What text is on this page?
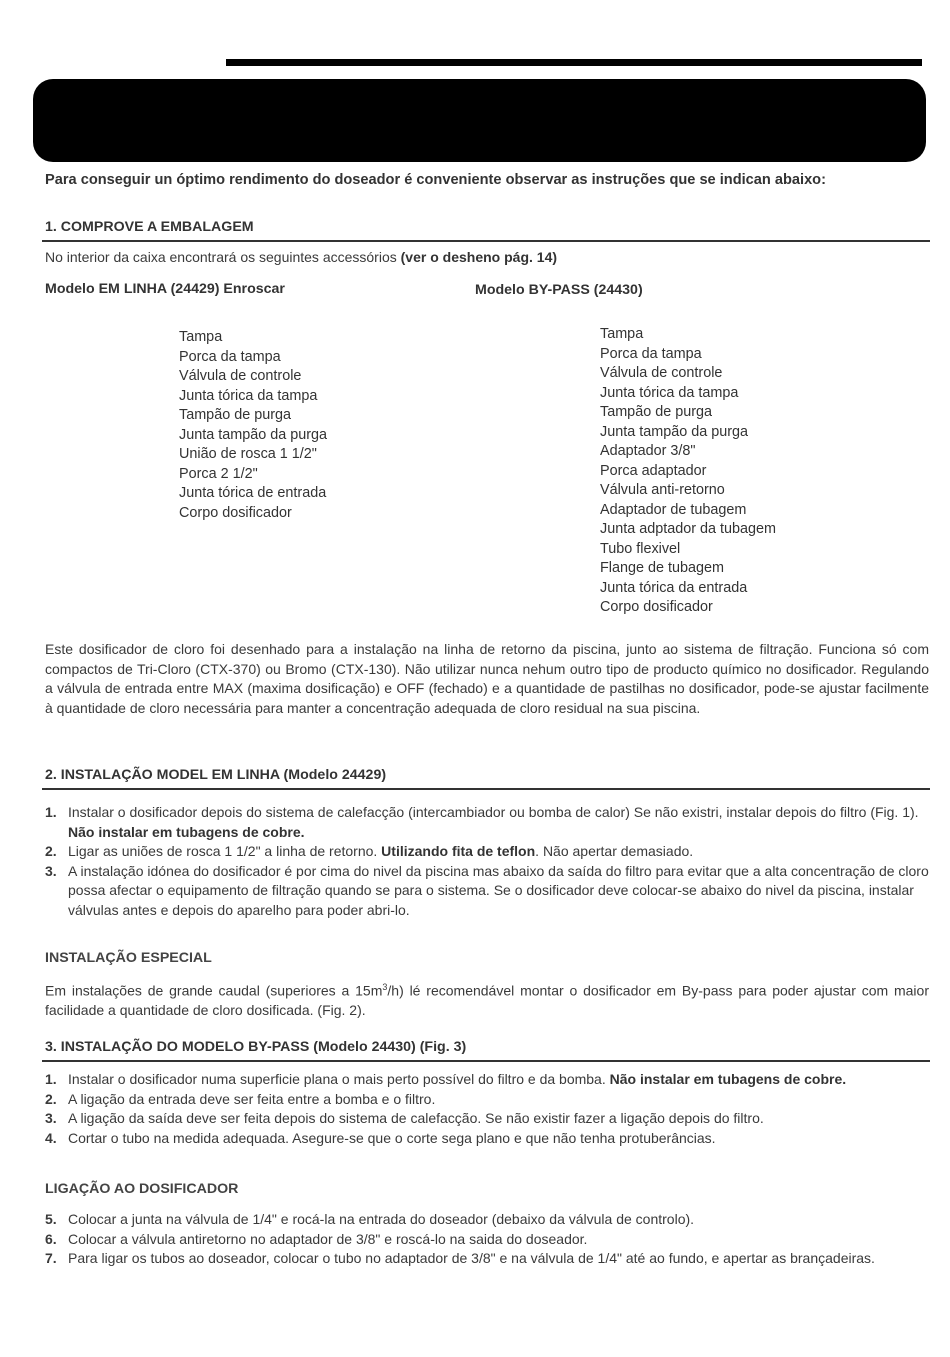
Para conseguir un óptimo rendimento do doseador é conveniente observar as instruções que se indican abaixo:
1. COMPROVE A EMBALAGEM
No interior da caixa encontrará os seguintes accessórios (ver o desheno pág. 14)
Modelo EM LINHA (24429) Enroscar	Modelo BY-PASS (24430)
Tampa
Porca da tampa
Válvula de controle
Junta tórica da tampa
Tampão de purga
Junta tampão da purga
União de rosca 1 1/2"
Porca 2 1/2"
Junta tórica de entrada
Corpo dosificador
Tampa
Porca da tampa
Válvula de controle
Junta tórica da tampa
Tampão de purga
Junta tampão da purga
Adaptador 3/8"
Porca adaptador
Válvula anti-retorno
Adaptador de tubagem
Junta adptador da tubagem
Tubo flexivel
Flange de tubagem
Junta tórica da entrada
Corpo dosificador
Este dosificador de cloro foi desenhado para a instalação na linha de retorno da piscina, junto ao sistema de filtração. Funciona só com compactos de Tri-Cloro (CTX-370) ou Bromo (CTX-130). Não utilizar nunca nehum outro tipo de producto químico no dosificador. Regulando a válvula de entrada entre MAX (maxima dosificação) e OFF (fechado) e a quantidade de pastilhas no dosificador, pode-se ajustar facilmente à quantidade de cloro necessária para manter a concentração adequada de cloro residual na sua piscina.
2. INSTALAÇÃO MODEL EM LINHA (Modelo 24429)
1. Instalar o dosificador depois do sistema de calefacção (intercambiador ou bomba de calor) Se não existri, instalar depois do filtro (Fig. 1). Não instalar em tubagens de cobre.
2. Ligar as uniões de rosca 1 1/2" a linha de retorno. Utilizando fita de teflon. Não apertar demasiado.
3. A instalação idónea do dosificador é por cima do nivel da piscina mas abaixo da saída do filtro para evitar que a alta concentração de cloro possa afectar o equipamento de filtração quando se para o sistema. Se o dosificador deve colocar-se abaixo do nivel da piscina, instalar válvulas antes e depois do aparelho para poder abri-lo.
INSTALAÇÃO ESPECIAL
Em instalações de grande caudal (superiores a $15m^3/h$) lé recomendável montar o dosificador em By-pass para poder ajustar com maior facilidade a quantidade de cloro dosificada. (Fig. 2).
3. INSTALAÇÃO DO MODELO BY-PASS (Modelo 24430) (Fig. 3)
1. Instalar o dosificador numa superficie plana o mais perto possível do filtro e da bomba. Não instalar em tubagens de cobre.
2. A ligação da entrada deve ser feita entre a bomba e o filtro.
3. A ligação da saída deve ser feita depois do sistema de calefacção. Se não existir fazer a ligação depois do filtro.
4. Cortar o tubo na medida adequada. Asegure-se que o corte sega plano e que não tenha protuberâncias.
LIGAÇÃO AO DOSIFICADOR
5. Colocar a junta na válvula de 1/4" e rocá-la na entrada do doseador (debaixo da válvula de controlo).
6. Colocar a válvula antiretorno no adaptador de 3/8" e roscá-lo na saida do doseador.
7. Para ligar os tubos ao doseador, colocar o tubo no adaptador de 3/8" e na válvula de 1/4" até ao fundo, e apertar as brançadeiras.
